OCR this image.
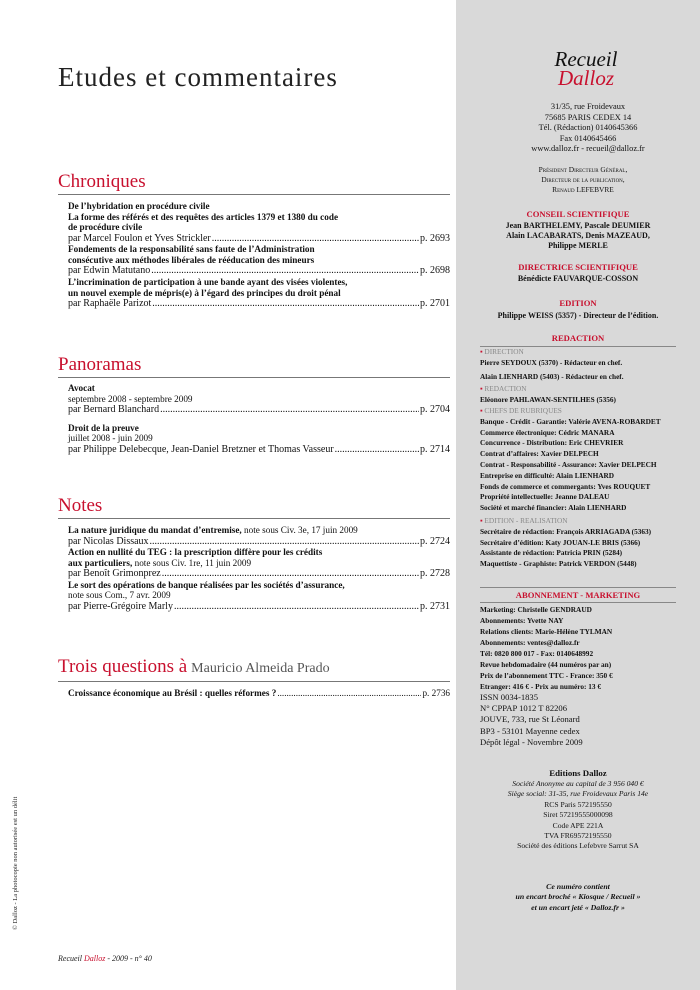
Etudes et commentaires
Chroniques
De l’hybridation en procédure civile
La forme des référés et des requêtes des articles 1379 et 1380 du code
de procédure civile
par Marcel Foulon et Yves Strickler .....	p. 2693
Fondements de la responsabilité sans faute de l’Administration
consécutive aux méthodes libérales de rééducation des mineurs
par Edwin Matutano .....	p. 2698
L’incrimination de participation à une bande ayant des visées violentes,
un nouvel exemple de mépris(e) à l’égard des principes du droit pénal
par Raphaële Parizot .....	p. 2701
Panoramas
Avocat
septembre 2008 - septembre 2009
par Bernard Blanchard .....	p. 2704
Droit de la preuve
juillet 2008 - juin 2009
par Philippe Delebecque, Jean-Daniel Bretzner et Thomas Vasseur .....	p. 2714
Notes
La nature juridique du mandat d’entremise, note sous Civ. 3e, 17 juin 2009
par Nicolas Dissaux .....	p. 2724
Action en nullité du TEG : la prescription diffère pour les crédits
aux particuliers, note sous Civ. 1re, 11 juin 2009
par Benoît Grimonprez .....	p. 2728
Le sort des opérations de banque réalisées par les sociétés d’assurance,
note sous Com., 7 avr. 2009
par Pierre-Grégoire Marly .....	p. 2731
Trois questions à Mauricio Almeida Prado
Croissance économique au Brésil : quelles réformes ? .....	p. 2736
Recueil Dalloz - 2009 - n° 40
© Dalloz - La photocopie non autorisée est un délit
Recueil
Dalloz
31/35, rue Froidevaux
75685 PARIS CEDEX 14
Tél. (Rédaction) 0140645366
Fax 0140645466
www.dalloz.fr - recueil@dalloz.fr
Président Directeur Général,
Directeur de la publication,
Renaud LEFEBVRE
CONSEIL SCIENTIFIQUE
Jean BARTHELEMY, Pascale DEUMIER
Alain LACABARATS, Denis MAZEAUD,
Philippe MERLE
DIRECTRICE SCIENTIFIQUE
Bénédicte FAUVARQUE-COSSON
EDITION
Philippe WEISS (5357) - Directeur de l’édition.
REDACTION
▪ DIRECTION
Pierre SEYDOUX (5370) - Rédacteur en chef.
Alain LIENHARD (5403) - Rédacteur en chef.
▪ REDACTION
Eléonore PAHLAWAN-SENTILHES (5356)
▪ CHEFS DE RUBRIQUES
Banque - Crédit - Garantie: Valérie AVENA-ROBARDET
Commerce électronique: Cédric MANARA
Concurrence - Distribution: Eric CHEVRIER
Contrat d’affaires: Xavier DELPECH
Contrat - Responsabilité - Assurance: Xavier DELPECH
Entreprise en difficulté: Alain LIENHARD
Fonds de commerce et commergants: Yves ROUQUET
Propriété intellectuelle: Jeanne DALEAU
Société et marché financier: Alain LIENHARD
▪ EDITION - REALISATION
Secrétaire de rédaction: François ARRIAGADA (5363)
Secrétaire d’édition: Katy JOUAN-LE BRIS (5366)
Assistante de rédaction: Patricia PRIN (5284)
Maquettiste - Graphiste: Patrick VERDON (5448)
ABONNEMENT - MARKETING
Marketing: Christelle GENDRAUD
Abonnements: Yvette NAY
Relations clients: Marie-Hélène TYLMAN
Abonnements: ventes@dalloz.fr
Tél: 0820 800 017 - Fax: 0140648992
Revue hebdomadaire (44 numéros par an)
Prix de l’abonnement TTC - France: 350 €
Etranger: 416 € - Prix au numéro: 13 €
ISSN 0034-1835
N° CPPAP 1012 T 82206
JOUVE, 733, rue St Léonard
BP3 - 53101 Mayenne cedex
Dépôt légal - Novembre 2009
Editions Dalloz
Société Anonyme au capital de 3 956 040 €
Siège social: 31-35, rue Froidevaux Paris 14e
RCS Paris 572195550
Siret 57219555000098
Code APE 221A
TVA FR69572195550
Société des éditions Lefebvre Sarrut SA
Ce numéro contient
un encart broché « Kiosque / Recueil »
et un encart jeté « Dalloz.fr »
